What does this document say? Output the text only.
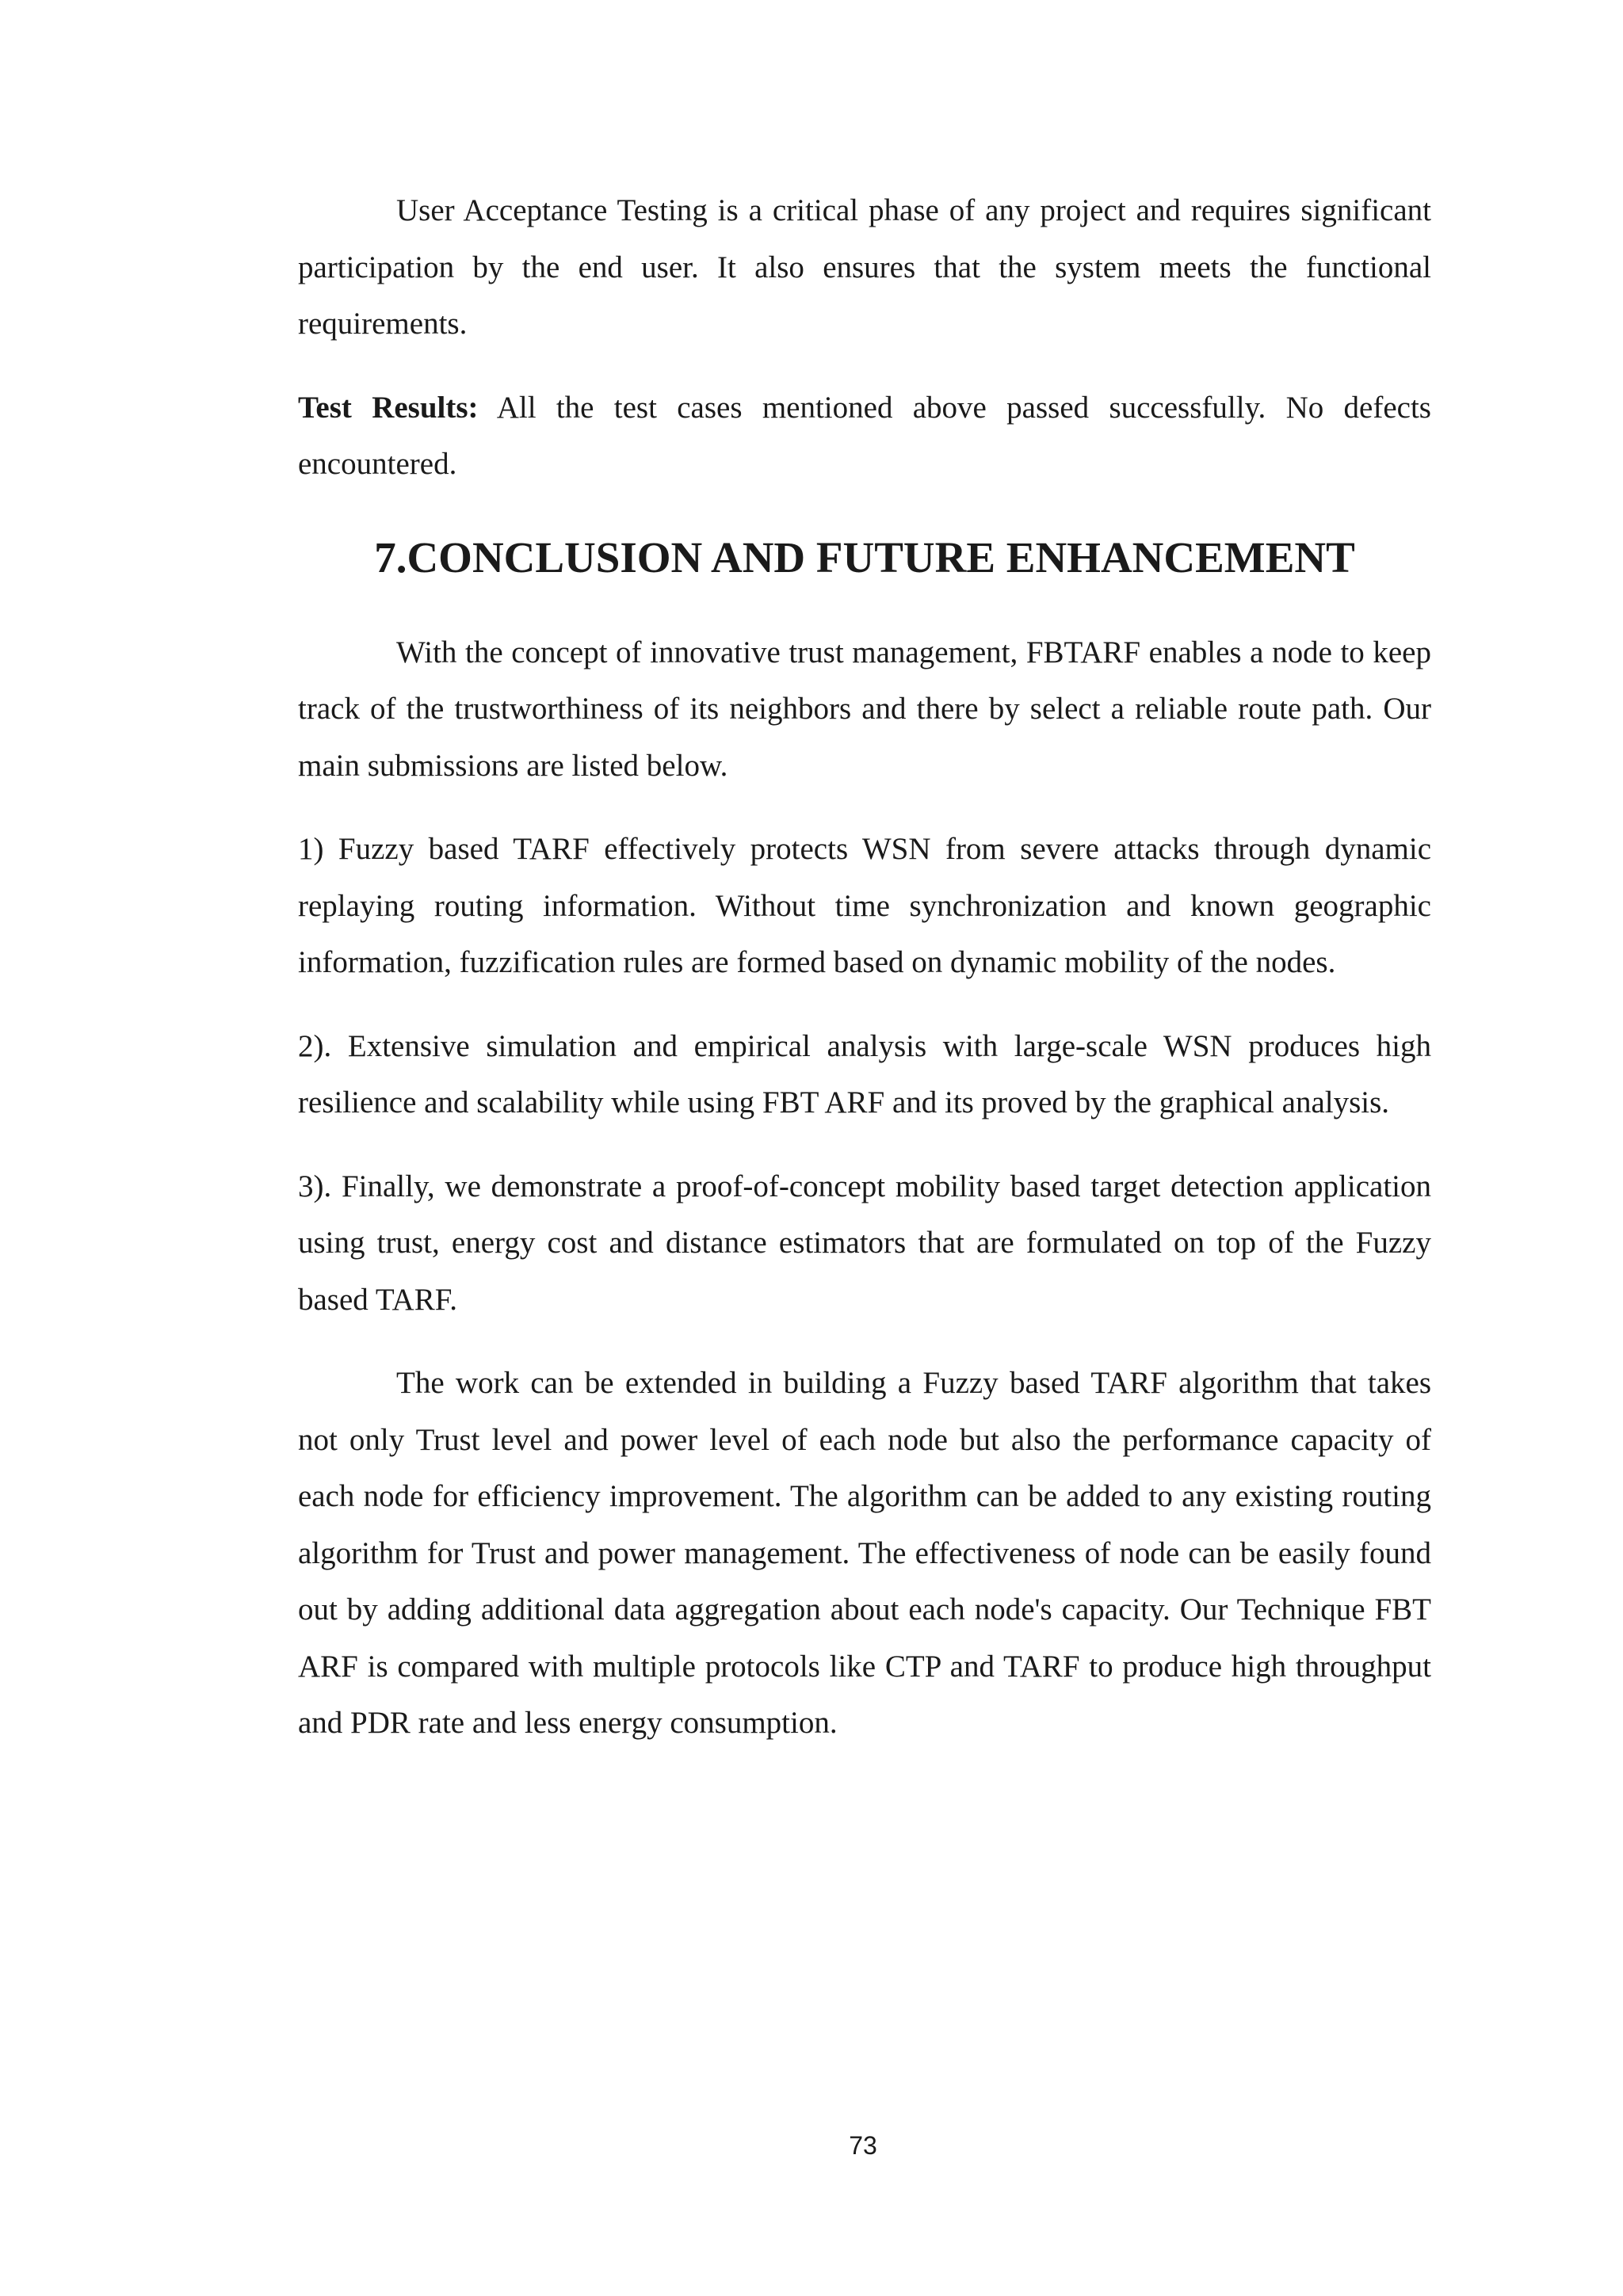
User Acceptance Testing is a critical phase of any project and requires significant participation by the end user. It also ensures that the system meets the functional requirements.

Test Results: All the test cases mentioned above passed successfully. No defects encountered.

7.CONCLUSION AND FUTURE ENHANCEMENT

With the concept of innovative trust management, FBTARF enables a node to keep track of the trustworthiness of its neighbors and there by select a reliable route path. Our main submissions are listed below.

1) Fuzzy based TARF effectively protects WSN from severe attacks through dynamic replaying routing information. Without time synchronization and known geographic information, fuzzification rules are formed based on dynamic mobility of the nodes.

2). Extensive simulation and empirical analysis with large-scale WSN produces high resilience and scalability while using FBT ARF and its proved by the graphical analysis.

3). Finally, we demonstrate a proof-of-concept mobility based target detection application using trust, energy cost and distance estimators that are formulated on top of the Fuzzy based TARF.

The work can be extended in building a Fuzzy based TARF algorithm that takes not only Trust level and power level of each node but also the performance capacity of each node for efficiency improvement. The algorithm can be added to any existing routing algorithm for Trust and power management. The effectiveness of node can be easily found out by adding additional data aggregation about each node's capacity. Our Technique FBT ARF is compared with multiple protocols like CTP and TARF to produce high throughput and PDR rate and less energy consumption.

73
